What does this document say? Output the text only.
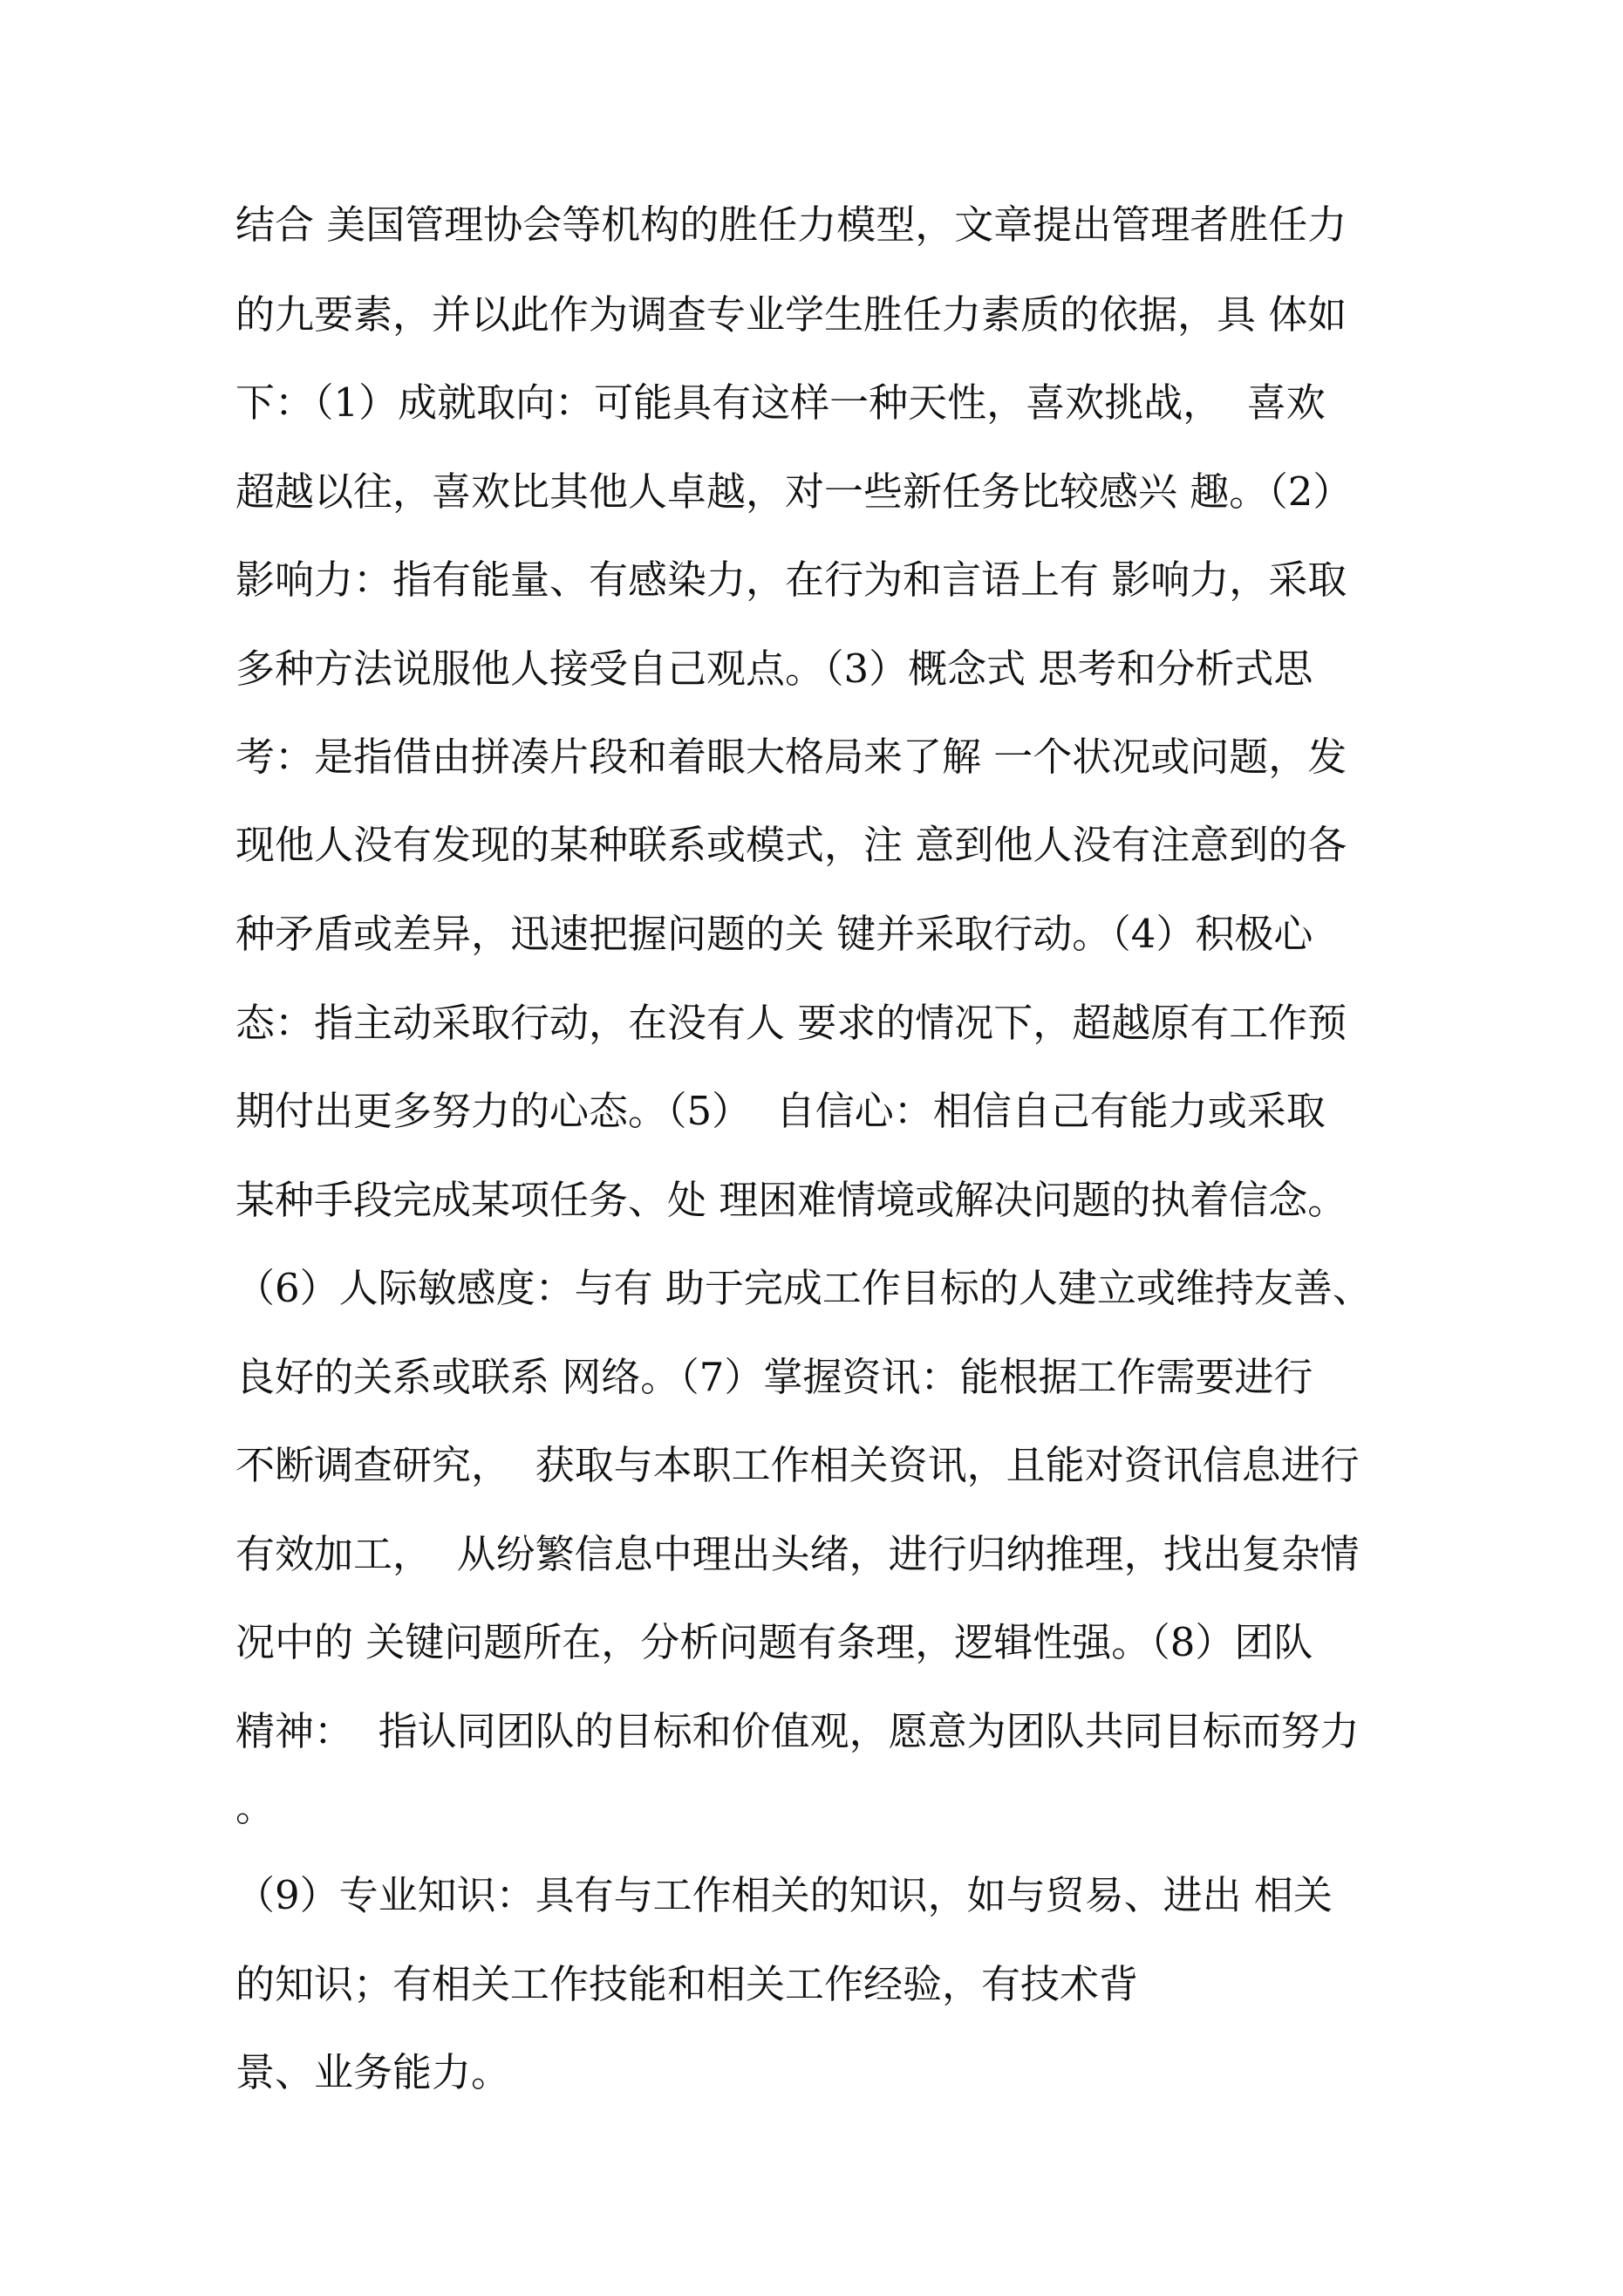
结合 美国管理协会等机构的胜任力模型，文章提出管理者胜任力
的九要素，并以此作为调查专业学生胜任力素质的依据，具 体如
下：（1）成就取向：可能具有这样一种天性，喜欢挑战，  喜欢
超越以往，喜欢比其他人卓越，对一些新任务比较感兴 趣。（2）
影响力：指有能量、有感染力，在行为和言语上有 影响力，采取
多种方法说服他人接受自己观点。（3）概念式 思考和分析式思
考：是指借由拼凑片段和着眼大格局来了解 一个状况或问题，发
现他人没有发现的某种联系或模式，注 意到他人没有注意到的各
种矛盾或差异，迅速把握问题的关 键并采取行动。（4）积极心
态：指主动采取行动，在没有人 要求的情况下，超越原有工作预
期付出更多努力的心态。（5）  自信心：相信自己有能力或采取
某种手段完成某项任务、处 理困难情境或解决问题的执着信念。
（6）人际敏感度：与有 助于完成工作目标的人建立或维持友善、
良好的关系或联系 网络。（7）掌握资讯：能根据工作需要进行
不断调查研究，  获取与本职工作相关资讯，且能对资讯信息进行
有效加工，  从纷繁信息中理出头绪，进行归纳推理，找出复杂情
况中的 关键问题所在，分析问题有条理，逻辑性强。（8）团队
精神：  指认同团队的目标和价值观，愿意为团队共同目标而努力
。
（9）专业知识：具有与工作相关的知识，如与贸易、进出 相关
的知识；有相关工作技能和相关工作经验，有技术背
景、业务能力。
